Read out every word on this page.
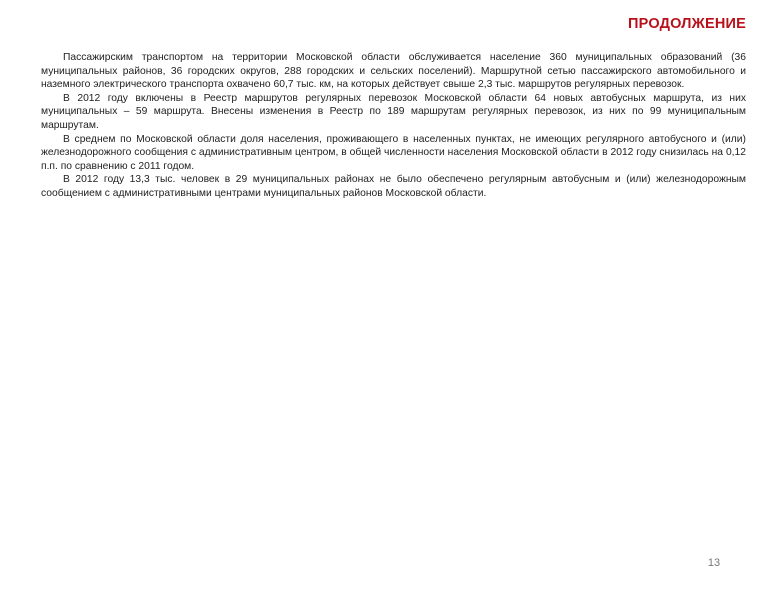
ПРОДОЛЖЕНИЕ

Пассажирским транспортом на территории Московской области обслуживается население 360 муниципальных образований (36 муниципальных районов, 36 городских округов, 288 городских и сельских поселений). Маршрутной сетью пассажирского автомобильного и наземного электрического транспорта охвачено 60,7 тыс. км, на которых действует свыше 2,3 тыс. маршрутов регулярных перевозок.

В 2012 году включены в Реестр маршрутов регулярных перевозок Московской области 64 новых автобусных маршрута, из них муниципальных – 59 маршрута. Внесены изменения в Реестр по 189 маршрутам регулярных перевозок, из них по 99 муниципальным маршрутам.

В среднем по Московской области доля населения, проживающего в населенных пунктах, не имеющих регулярного автобусного и (или) железнодорожного сообщения с административным центром, в общей численности населения Московской области в 2012 году снизилась на 0,12 п.п. по сравнению с 2011 годом.

В 2012 году 13,3 тыс. человек в 29 муниципальных районах не было обеспечено регулярным автобусным и (или) железнодорожным сообщением с административными центрами муниципальных районов Московской области.

13
